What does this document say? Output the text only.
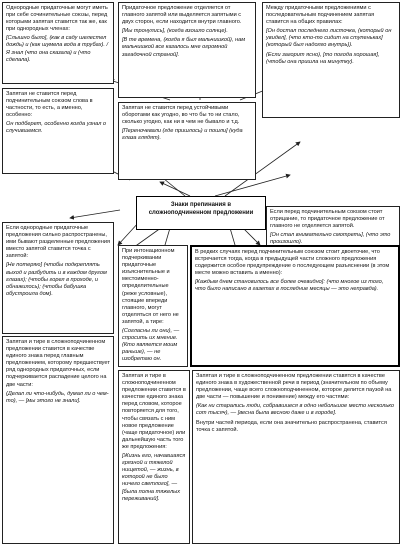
Однородные придаточные могут иметь при себе сочинительные союзы, перед которыми запятая ставится так же, как при однородных членах:

[Слышно было], (как в саду шелестел дождь) и (как шумела вода в трубах). / Я знал (что она сказала) и (что сделала).

Придаточное предложение отделяется от главного запятой или выделяется запятыми с двух сторон, если находится внутри главного.

[Мы тронулись], (когда взошло солнце).

[В те времена, (когда я был мальчишкой), нам мальчишкой все казалось мне огромной загадочной страной].

Между придаточными предложениями с последовательным подчинением запятая ставится на общих правилах:

[Он достал последнего листочка, (который он увидел], (что кто-то сидит на ступеньках] (который был надолго внутрь)).

(Если загорит ясно), [то погода хорошая], (чтобы она пришла на минутку).

Запятая не ставится перед подчинительным союзом слова в частности, то есть, а именно, особенно:

Он подберет, особенно когда узнал о случившемся.

Запятая не ставится перед устойчивыми оборотами как угодно, во что бы то ни стало, сколько угодно, как ни в чем не бывало и т.д.

[Переночевали (где пришлось) и пошли] (куда глаза глядят).

Знаки препинания в сложноподчиненном предложении

Если однородные придаточные предложения сильно распространены, ими бывают разделенные предложения вместо запятой ставится точка с запятой:

[Не потеряю] (чтобы подкреплять выход и разбудить и в каждом другом глазах); (чтобы горел в проходе, и обнажилось); (чтобы бабушка обустроила дом).

Если перед подчинительным союзом стоит отрицание, то придаточное предложение от главного не отделяется запятой.

[Он стал внимательно смотреть], (что это произошло).

При интонационном подчеркивании придаточные изъяснительные и местоименно-определительные (реже условные), стоящие впереди главного, могут отделяться от него не запятой, а тире:

(Согласны ли они), — спросить их мнение. (Кто является моим раньше), — не изобретаю он.

В редких случаях перед подчинительным союзом стоит двоеточие, что встречается тогда, когда в предыдущей части сложного предложения содержится особое предупреждение о последующем разъяснении (в этом месте можно вставить а именно):

[Каждым днем становилось все более очевидно]: (что многое из того, что было написано в газетах в последние месяцы — это неправда).

Запятая и тире в сложноподчиненном предложении ставится в качестве единого знака перед главным предложением, которому предшествует ряд однородных придаточных, если подчеркивается распадение целого на две части:

(Делал ли что-нибудь, думал ли о чем-то), — [мы этого не знали].

Запятая и тире в сложноподчиненном предложении ставится в качестве единого знака перед словом, которое повторяется для того, чтобы связать с ним новое предложение (чаще придаточное) или дальнейшую часть того же предложения:

[Жизнь его, начавшаяся грязной и тяжелой нищетой, — жизнь, в которой не было ничего светлого], — [была полна тяжелых переживаний].

Запятая и тире в сложноподчиненном предложении ставятся в качестве единого знака в художественной речи в период (значительном по объему предложении, чаще всего сложноподчиненном, которое делится паузой на две части — повышение и понижение) между его частями:

(Как ни старались люди, собравшиеся в одно небольшое место несколько сот тысяч), — [весна была весною даже и в городе].

Внутри частей периода, если она значительно распространена, ставится точка с запятой.
